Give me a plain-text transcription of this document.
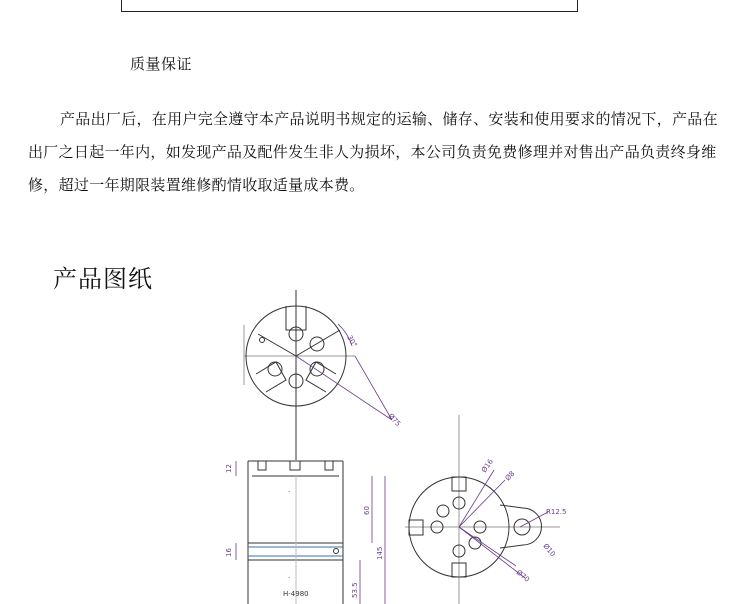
质量保证
产品出厂后，在用户完全遵守本产品说明书规定的运输、储存、安装和使用要求的情况下，产品在出厂之日起一年内，如发现产品及配件发生非人为损坏，本公司负责免费修理并对售出产品负责终身维修，超过一年期限装置维修酌情收取适量成本费。
产品图纸
30°
Ø75
·
·
H-4980
12
16
60
145
53.5
Ø16
Ø8
R12.5
Ø10
Ø70
